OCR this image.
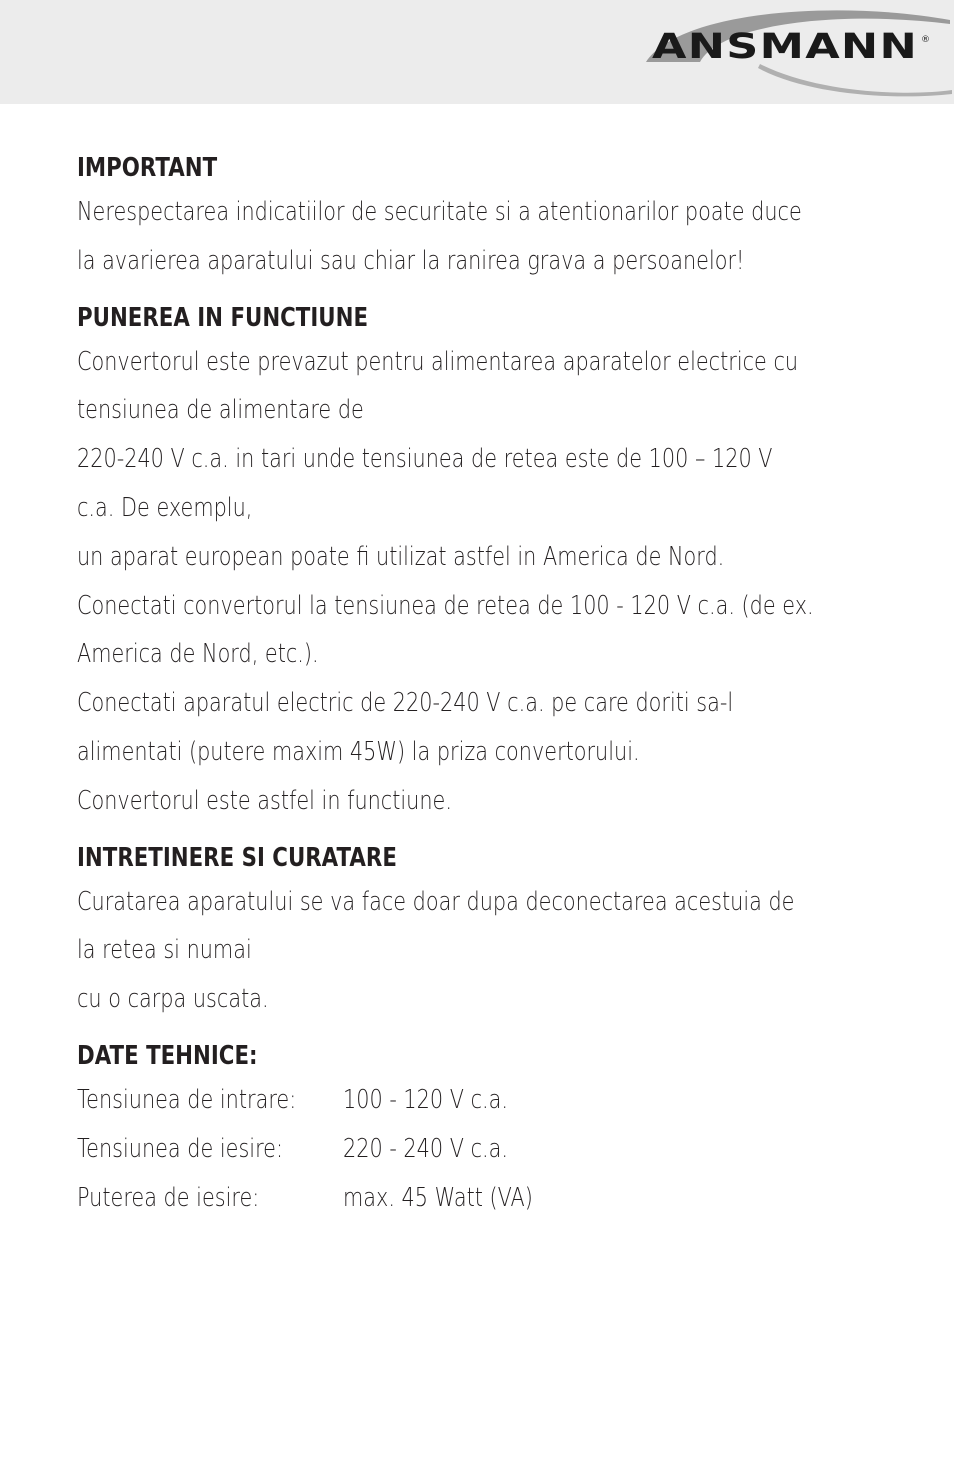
ANSMANN ®
IMPORTANT
Nerespectarea indicatiilor de securitate si a atentionarilor poate duce
la avarierea aparatului sau chiar la ranirea grava a persoanelor!
PUNEREA IN FUNCTIUNE
Convertorul este prevazut pentru alimentarea aparatelor electrice cu
tensiunea de alimentare de
220-240 V c.a. in tari unde tensiunea de retea este de 100 – 120 V
c.a. De exemplu,
un aparat european poate fi utilizat astfel in America de Nord.
Conectati convertorul la tensiunea de retea de 100 - 120 V c.a. (de ex.
America de Nord, etc.).
Conectati aparatul electric de 220-240 V c.a. pe care doriti sa-l
alimentati (putere maxim 45W) la priza convertorului.
Convertorul este astfel in functiune.
INTRETINERE SI CURATARE
Curatarea aparatului se va face doar dupa deconectarea acestuia de
la retea si numai
cu o carpa uscata.
DATE TEHNICE:
Tensiunea de intrare: 100 - 120 V c.a.
Tensiunea de iesire: 220 - 240 V c.a.
Puterea de iesire:	max. 45 Watt (VA)
